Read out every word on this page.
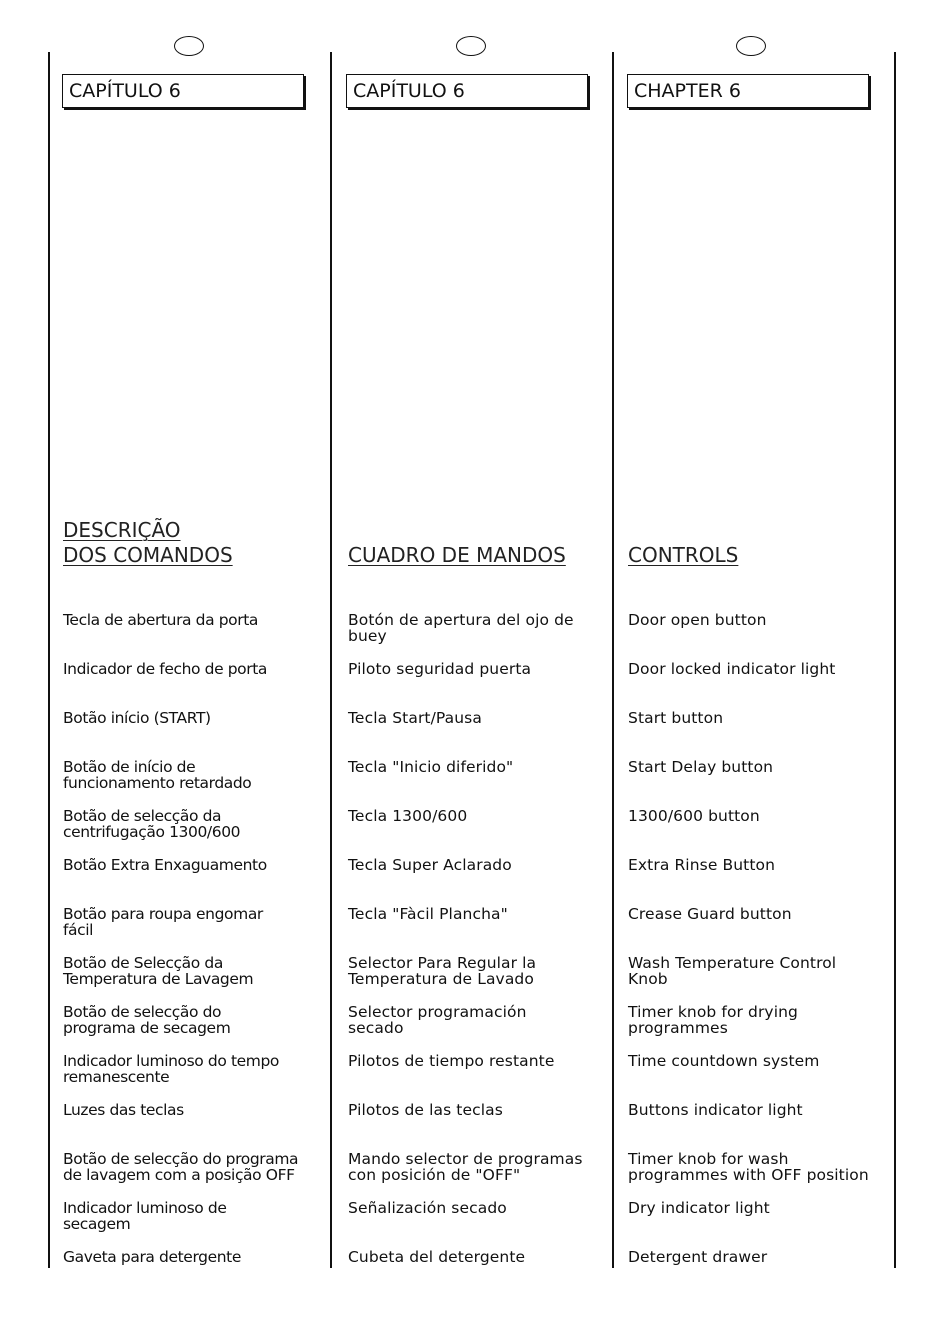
CAPÍTULO 6
DESCRIÇÃO
DOS COMANDOS
Tecla de abertura da porta
Indicador de fecho de porta
Botão início (START)
Botão de início de
funcionamento retardado
Botão de selecção da
centrifugação 1300/600
Botão Extra Enxaguamento
Botão para roupa engomar
fácil
Botão de Selecção da
Temperatura de Lavagem
Botão de selecção do
programa de secagem
Indicador luminoso do tempo
remanescente
Luzes das teclas
Botão de selecção do programa
de lavagem com a posição OFF
Indicador luminoso de
secagem
Gaveta para detergente
CAPÍTULO 6
CUADRO DE MANDOS
Botón de apertura del ojo de
buey
Piloto seguridad puerta
Tecla Start/Pausa
Tecla "Inicio diferido"
Tecla 1300/600
Tecla Super Aclarado
Tecla "Fàcil Plancha"
Selector Para Regular la
Temperatura de Lavado
Selector programación
secado
Pilotos de tiempo restante
Pilotos de las teclas
Mando selector de programas
con posición de "OFF"
Señalización secado
Cubeta del detergente
CHAPTER 6
CONTROLS
Door open button
Door locked indicator light
Start button
Start Delay button
1300/600 button
Extra Rinse Button
Crease Guard button
Wash Temperature Control
Knob
Timer knob for drying
programmes
Time countdown system
Buttons indicator light
Timer knob for wash
programmes with OFF position
Dry indicator light
Detergent drawer
